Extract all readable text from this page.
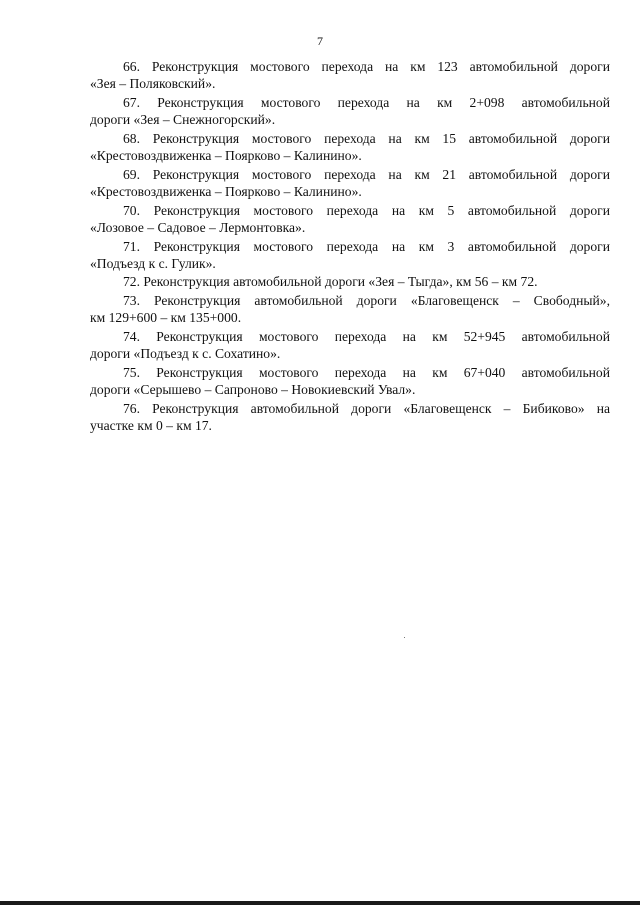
7

66. Реконструкция мостового перехода на км 123 автомобильной дороги

«Зея – Поляковский».

67. Реконструкция мостового перехода на км 2+098 автомобильной

дороги «Зея – Снежногорский».

68. Реконструкция мостового перехода на км 15 автомобильной дороги

«Крестовоздвиженка – Поярково – Калинино».

69. Реконструкция мостового перехода на км 21 автомобильной дороги

«Крестовоздвиженка – Поярково – Калинино».

70. Реконструкция мостового перехода на км 5 автомобильной дороги

«Лозовое – Садовое – Лермонтовка».

71. Реконструкция мостового перехода на км 3 автомобильной дороги

«Подъезд к с. Гулик».

72. Реконструкция автомобильной дороги «Зея – Тыгда», км 56 – км 72.

73. Реконструкция автомобильной дороги «Благовещенск – Свободный»,

км 129+600 – км 135+000.

74. Реконструкция мостового перехода на км 52+945 автомобильной

дороги «Подъезд к с. Сохатино».

75. Реконструкция мостового перехода на км 67+040 автомобильной

дороги «Серышево – Сапроново – Новокиевский Увал».

76. Реконструкция автомобильной дороги «Благовещенск – Бибиково» на

участке км 0 – км 17.
